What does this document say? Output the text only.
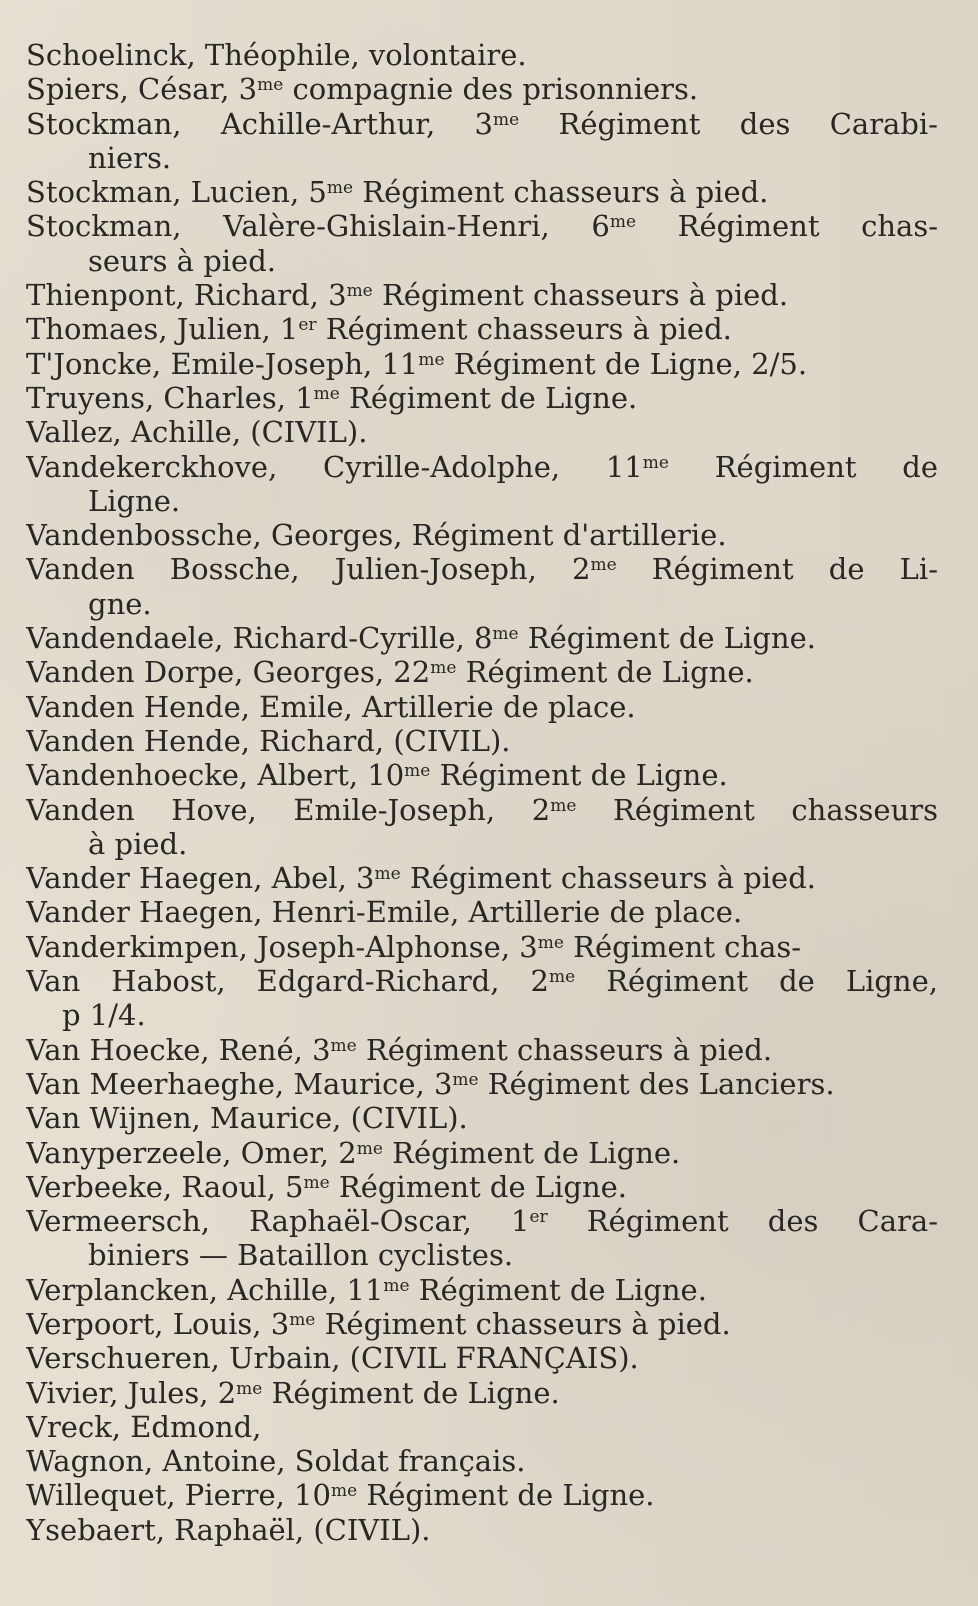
Schoelinck, Théophile, volontaire.
Spiers, César, $3^{me}$ compagnie des prisonniers.
Stockman, Achille-Arthur, $3^{me}$ Régiment des Carabi-
niers.
Stockman, Lucien, $5^{me}$ Régiment chasseurs à pied.
Stockman, Valère-Ghislain-Henri, $6^{me}$ Régiment chas-
seurs à pied.
Thienpont, Richard, $3^{me}$ Régiment chasseurs à pied.
Thomaes, Julien, 1er Régiment chasseurs à pied.
T'Joncke, Emile-Joseph, $11^{me}$ Régiment de Ligne, 2/5.
Truyens, Charles, $1^{me}$ Régiment de Ligne.
Vallez, Achille, (CIVIL).
Vandekerckhove, Cyrille-Adolphe, $11^{me}$ Régiment de
Ligne.
Vandenbossche, Georges, Régiment d'artillerie.
Vanden Bossche, Julien-Joseph, $2^{me}$ Régiment de Li-
gne.
Vandendaele, Richard-Cyrille, $8^{me}$ Régiment de Ligne.
Vanden Dorpe, Georges, $22^{me}$ Régiment de Ligne.
Vanden Hende, Emile, Artillerie de place.
Vanden Hende, Richard, (CIVIL).
Vandenhoecke, Albert, $10^{me}$ Régiment de Ligne.
Vanden Hove, Emile-Joseph, $2^{me}$ Régiment chasseurs
à pied.
Vander Haegen, Abel, $3^{me}$ Régiment chasseurs à pied.
Vander Haegen, Henri-Emile, Artillerie de place.
Vanderkimpen, Joseph-Alphonse, $3^{me}$ Régiment chas-
Van Habost, Edgard-Richard, $2^{me}$ Régiment de Ligne,
p 1/4.
Van Hoecke, René, $3^{me}$ Régiment chasseurs à pied.
Van Meerhaeghe, Maurice, $3^{me}$ Régiment des Lanciers.
Van Wijnen, Maurice, (CIVIL).
Vanyperzeele, Omer, $2^{me}$ Régiment de Ligne.
Verbeeke, Raoul, $5^{me}$ Régiment de Ligne.
Vermeersch, Raphaël-Oscar, 1er Régiment des Cara-
biniers — Bataillon cyclistes.
Verplancken, Achille, $11^{me}$ Régiment de Ligne.
Verpoort, Louis, $3^{me}$ Régiment chasseurs à pied.
Verschueren, Urbain, (CIVIL FRANÇAIS).
Vivier, Jules, $2^{me}$ Régiment de Ligne.
Vreck, Edmond,
Wagnon, Antoine, Soldat français.
Willequet, Pierre, $10^{me}$ Régiment de Ligne.
Ysebaert, Raphaël, (CIVIL).
